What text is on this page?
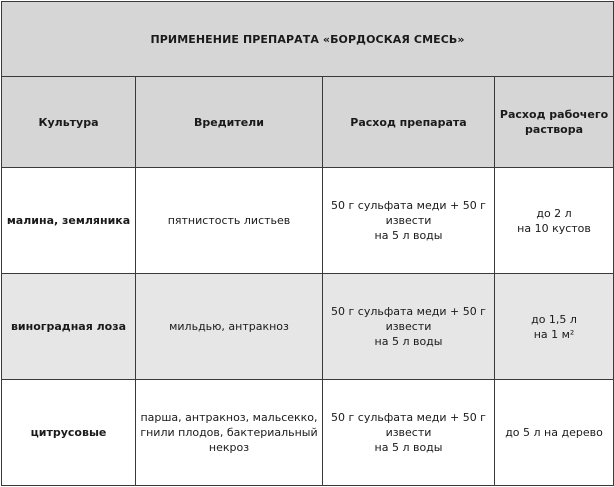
ПРИМЕНЕНИЕ ПРЕПАРАТА «БОРДОСКАЯ СМЕСЬ»			

Культура	Вредители	Расход препарата	Расход рабочего
раствора

малина, земляника	пятнистость листьев	50 г сульфата меди + 50 г
извести
на 5 л воды	до 2 л
на 10 кустов

виноградная лоза	мильдью, антракноз	50 г сульфата меди + 50 г
извести
на 5 л воды	до 1,5 л
на 1 м²

цитрусовые	парша, антракноз, мальсекко,
гнили плодов, бактериальный
некроз	50 г сульфата меди + 50 г
извести
на 5 л воды	до 5 л на дерево
